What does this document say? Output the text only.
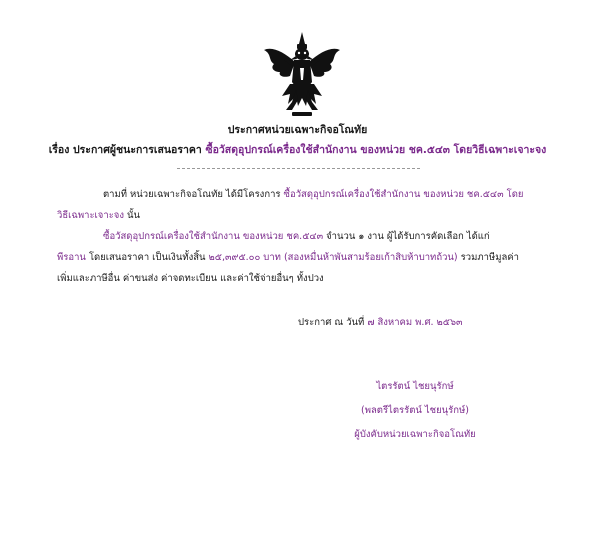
ประกาศหน่วยเฉพาะกิจอโณทัย
เรื่อง ประกาศผู้ชนะการเสนอราคา ซื้อวัสดุอุปกรณ์เครื่องใช้สำนักงาน ของหน่วย ชค.๕๔๓ โดยวิธีเฉพาะเจาะจง
ตามที่ หน่วยเฉพาะกิจอโณทัย ได้มีโครงการ ซื้อวัสดุอุปกรณ์เครื่องใช้สำนักงาน ของหน่วย ชค.๕๔๓ โดย
วิธีเฉพาะเจาะจง นั้น
ซื้อวัสดุอุปกรณ์เครื่องใช้สำนักงาน ของหน่วย ชค.๕๔๓ จำนวน ๑ งาน ผู้ได้รับการคัดเลือก ได้แก่
พีรอาน โดยเสนอราคา เป็นเงินทั้งสิ้น ๒๕,๓๙๕.๐๐ บาท (สองหมื่นห้าพันสามร้อยเก้าสิบห้าบาทถ้วน) รวมภาษีมูลค่า
เพิ่มและภาษีอื่น ค่าขนส่ง ค่าจดทะเบียน และค่าใช้จ่ายอื่นๆ ทั้งปวง
ประกาศ ณ วันที่ ๗ สิงหาคม พ.ศ. ๒๕๖๓
ไตรรัตน์ ไชยนุรักษ์
(พลตรีไตรรัตน์ ไชยนุรักษ์)
ผู้บังคับหน่วยเฉพาะกิจอโณทัย
